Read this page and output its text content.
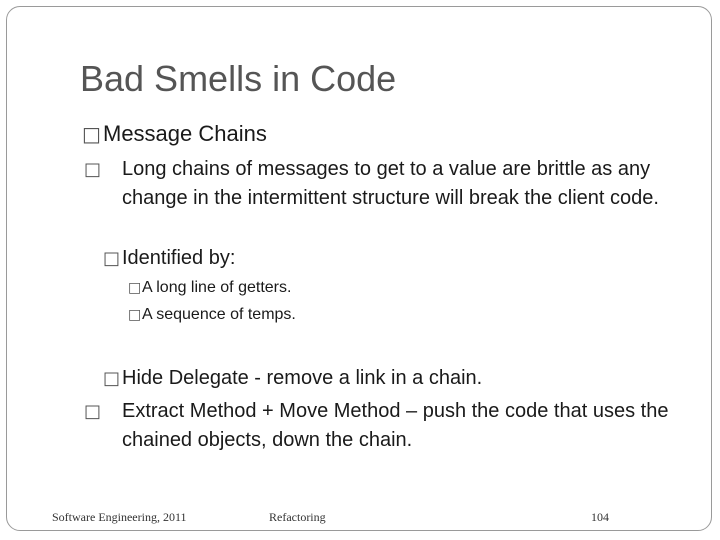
Bad Smells in Code
□Message Chains
□ Long chains of messages to get to a value are brittle as any change in the intermittent structure will break the client code.
□Identified by:
□A long line of getters.
□A sequence of temps.
□Hide Delegate - remove a link in a chain.
□ Extract Method + Move Method – push the code that uses the chained objects, down the chain.
Software Engineering, 2011	Refactoring	104
